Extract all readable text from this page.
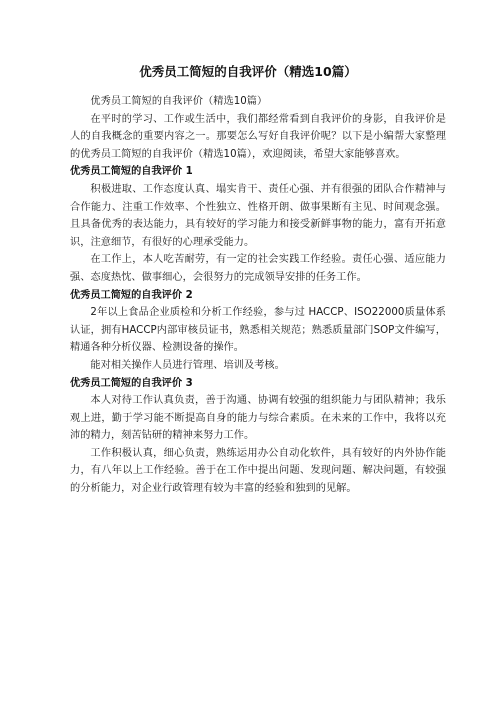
优秀员工简短的自我评价（精选10篇）

优秀员工简短的自我评价（精选10篇）

在平时的学习、工作或生活中，我们都经常看到自我评价的身影，自我评价是人的自我概念的重要内容之一。那要怎么写好自我评价呢？以下是小编帮大家整理的优秀员工简短的自我评价（精选10篇），欢迎阅读，希望大家能够喜欢。

优秀员工简短的自我评价 1

积极进取、工作态度认真、塌实肯干、责任心强、并有很强的团队合作精神与合作能力、注重工作效率、个性独立、性格开朗、做事果断有主见、时间观念强。且具备优秀的表达能力，具有较好的学习能力和接受新鲜事物的能力，富有开拓意识，注意细节，有很好的心理承受能力。

在工作上，本人吃苦耐劳，有一定的社会实践工作经验。责任心强、适应能力强、态度热忱、做事细心，会很努力的完成领导安排的任务工作。

优秀员工简短的自我评价 2

2年以上食品企业质检和分析工作经验，参与过 HACCP、ISO22000质量体系认证，拥有HACCP内部审核员证书，熟悉相关规范；熟悉质量部门SOP文件编写，精通各种分析仪器、检测设备的操作。

能对相关操作人员进行管理、培训及考核。

优秀员工简短的自我评价 3

本人对待工作认真负责，善于沟通、协调有较强的组织能力与团队精神；我乐观上进，勤于学习能不断提高自身的能力与综合素质。在未来的工作中，我将以充沛的精力，刻苦钻研的精神来努力工作。

工作积极认真，细心负责，熟练运用办公自动化软件，具有较好的内外协作能力，有八年以上工作经验。善于在工作中提出问题、发现问题、解决问题，有较强的分析能力，对企业行政管理有较为丰富的经验和独到的见解。
